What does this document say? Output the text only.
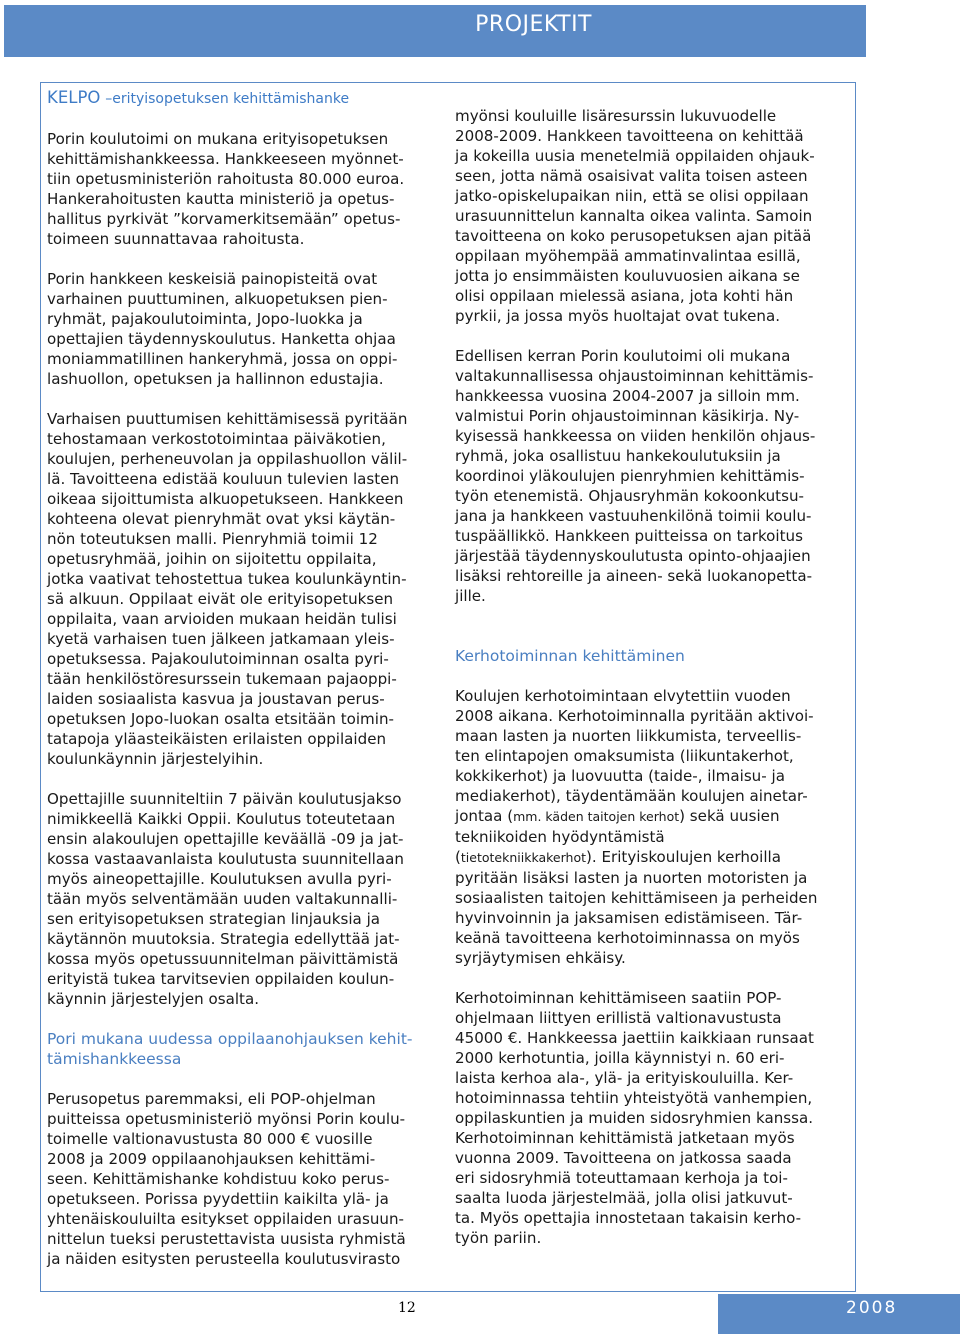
PROJEKTIT

KELPO –erityisopetuksen kehittämishanke

Porin koulutoimi on mukana erityisopetuksen
kehittämishankkeessa. Hankkeeseen myönnet-
tiin opetusministeriön rahoitusta 80.000 euroa.
Hankerahoitusten kautta ministeriö ja opetus-
hallitus pyrkivät ”korvamerkitsemään” opetus-
toimeen suunnattavaa rahoitusta.

Porin hankkeen keskeisiä painopisteitä ovat
varhainen puuttuminen, alkuopetuksen pien-
ryhmät, pajakoulutoiminta, Jopo-luokka ja
opettajien täydennyskoulutus. Hanketta ohjaa
moniammatillinen hankeryhmä, jossa on oppi-
lashuollon, opetuksen ja hallinnon edustajia.

Varhaisen puuttumisen kehittämisessä pyritään
tehostamaan verkostotoimintaa päiväkotien,
koulujen, perheneuvolan ja oppilashuollon välil-
lä. Tavoitteena edistää kouluun tulevien lasten
oikeaa sijoittumista alkuopetukseen. Hankkeen
kohteena olevat pienryhmät ovat yksi käytän-
nön toteutuksen malli. Pienryhmiä toimii 12
opetusryhmää, joihin on sijoitettu oppilaita,
jotka vaativat tehostettua tukea koulunkäyntin-
sä alkuun. Oppilaat eivät ole erityisopetuksen
oppilaita, vaan arvioiden mukaan heidän tulisi
kyetä varhaisen tuen jälkeen jatkamaan yleis-
opetuksessa. Pajakoulutoiminnan osalta pyri-
tään henkilöstöresurssein tukemaan pajaoppi-
laiden sosiaalista kasvua ja joustavan perus-
opetuksen Jopo-luokan osalta etsitään toimin-
tatapoja yläasteikäisten erilaisten oppilaiden
koulunkäynnin järjestelyihin.

Opettajille suunniteltiin 7 päivän koulutusjakso
nimikkeellä Kaikki Oppii. Koulutus toteutetaan
ensin alakoulujen opettajille keväällä -09 ja jat-
kossa vastaavanlaista koulutusta suunnitellaan
myös aineopettajille. Koulutuksen avulla pyri-
tään myös selventämään uuden valtakunnalli-
sen erityisopetuksen strategian linjauksia ja
käytännön muutoksia. Strategia edellyttää jat-
kossa myös opetussuunnitelman päivittämistä
erityistä tukea tarvitsevien oppilaiden koulun-
käynnin järjestelyjen osalta.

Pori mukana uudessa oppilaanohjauksen kehit-
tämishankkeessa

Perusopetus paremmaksi, eli POP-ohjelman
puitteissa opetusministeriö myönsi Porin koulu-
toimelle valtionavustusta 80 000 € vuosille
2008 ja 2009 oppilaanohjauksen kehittämi-
seen. Kehittämishanke kohdistuu koko perus-
opetukseen. Porissa pyydettiin kaikilta ylä- ja
yhtenäiskouluilta esitykset oppilaiden urasuun-
nittelun tueksi perustettavista uusista ryhmistä
ja näiden esitysten perusteella koulutusvirasto

myönsi kouluille lisäresurssin lukuvuodelle
2008-2009. Hankkeen tavoitteena on kehittää
ja kokeilla uusia menetelmiä oppilaiden ohjauk-
seen, jotta nämä osaisivat valita toisen asteen
jatko-opiskelupaikan niin, että se olisi oppilaan
urasuunnittelun kannalta oikea valinta. Samoin
tavoitteena on koko perusopetuksen ajan pitää
oppilaan myöhempää ammatinvalintaa esillä,
jotta jo ensimmäisten kouluvuosien aikana se
olisi oppilaan mielessä asiana, jota kohti hän
pyrkii, ja jossa myös huoltajat ovat tukena.

Edellisen kerran Porin koulutoimi oli mukana
valtakunnallisessa ohjaustoiminnan kehittämis-
hankkeessa vuosina 2004-2007 ja silloin mm.
valmistui Porin ohjaustoiminnan käsikirja. Ny-
kyisessä hankkeessa on viiden henkilön ohjaus-
ryhmä, joka osallistuu hankekoulutuksiin ja
koordinoi yläkoulujen pienryhmien kehittämis-
työn etenemistä. Ohjausryhmän kokoonkutsu-
jana ja hankkeen vastuuhenkilönä toimii koulu-
tuspäällikkö. Hankkeen puitteissa on tarkoitus
järjestää täydennyskoulutusta opinto-ohjaajien
lisäksi rehtoreille ja aineen- sekä luokanopetta-
jille.

Kerhotoiminnan kehittäminen

Koulujen kerhotoimintaan elvytettiin vuoden
2008 aikana. Kerhotoiminnalla pyritään aktivoi-
maan lasten ja nuorten liikkumista, terveellis-
ten elintapojen omaksumista (liikuntakerhot,
kokkikerhot) ja luovuutta (taide-, ilmaisu- ja
mediakerhot), täydentämään koulujen ainetar-
jontaa (mm. käden taitojen kerhot) sekä uusien
tekniikoiden hyödyntämistä
(tietotekniikkakerhot). Erityiskoulujen kerhoilla
pyritään lisäksi lasten ja nuorten motoristen ja
sosiaalisten taitojen kehittämiseen ja perheiden
hyvinvoinnin ja jaksamisen edistämiseen. Tär-
keänä tavoitteena kerhotoiminnassa on myös
syrjäytymisen ehkäisy.

Kerhotoiminnan kehittämiseen saatiin POP-
ohjelmaan liittyen erillistä valtionavustusta
45000 €. Hankkeessa jaettiin kaikkiaan runsaat
2000 kerhotuntia, joilla käynnistyi n. 60 eri-
laista kerhoa ala-, ylä- ja erityiskouluilla. Ker-
hotoiminnassa tehtiin yhteistyötä vanhempien,
oppilaskuntien ja muiden sidosryhmien kanssa.
Kerhotoiminnan kehittämistä jatketaan myös
vuonna 2009. Tavoitteena on jatkossa saada
eri sidosryhmiä toteuttamaan kerhoja ja toi-
saalta luoda järjestelmää, jolla olisi jatkuvut-
ta. Myös opettajia innostetaan takaisin kerho-
työn pariin.

12	2008
